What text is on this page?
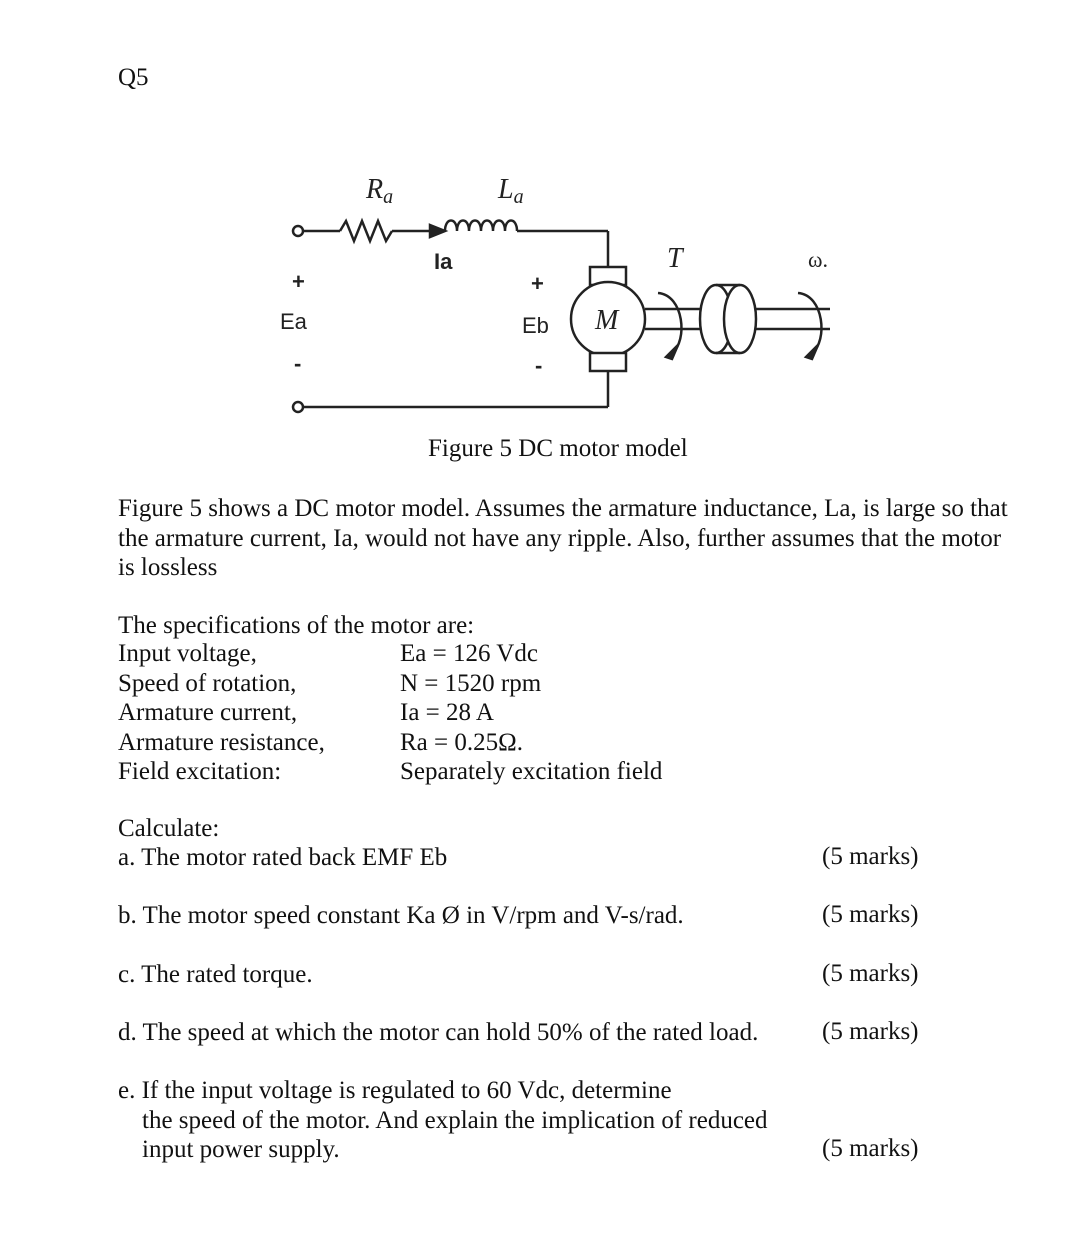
Q5
Ra	La
Ia
+
Ea
-
+
Eb
-
M
T	ω.
Figure 5 DC motor model

Figure 5 shows a DC motor model. Assumes the armature inductance, La, is large so that the armature current, Ia, would not have any ripple. Also, further assumes that the motor is lossless

The specifications of the motor are:
Input voltage,	Ea = 126 Vdc
Speed of rotation,	N = 1520 rpm
Armature current,	Ia = 28 A
Armature resistance,	Ra = 0.25Ω.
Field excitation:	Separately excitation field
Calculate:
a. The motor rated back EMF Eb	(5 marks)
b. The motor speed constant Ka Ø in V/rpm and V-s/rad.	(5 marks)
c. The rated torque.	(5 marks)
d. The speed at which the motor can hold 50% of the rated load.	(5 marks)
e. If the input voltage is regulated to 60 Vdc, determine
the speed of the motor. And explain the implication of reduced
input power supply.	(5 marks)
